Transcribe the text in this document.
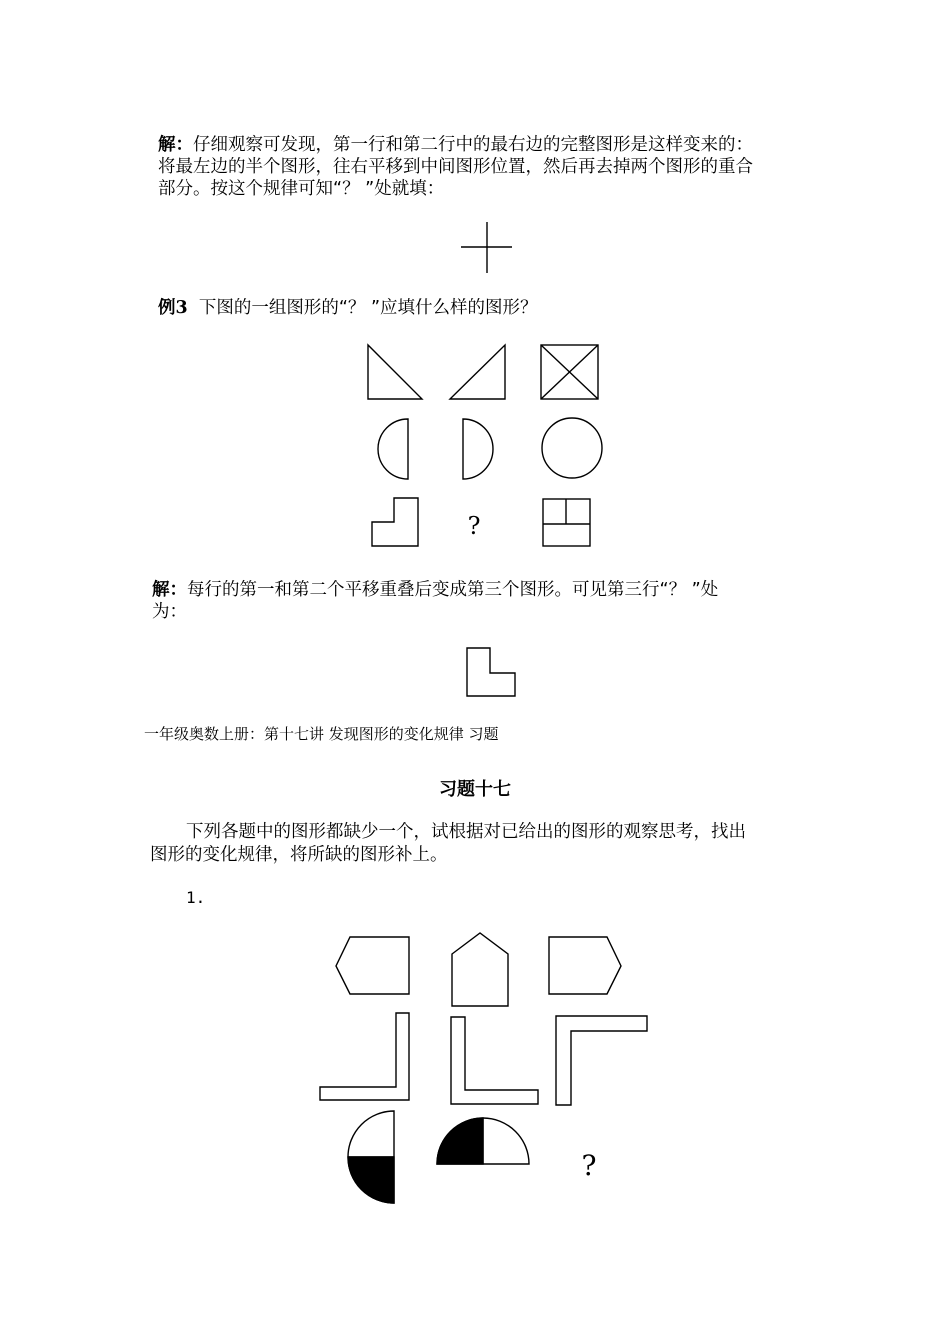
解：仔细观察可发现，第一行和第二行中的最右边的完整图形是这样变来的：
将最左边的半个图形，往右平移到中间图形位置，然后再去掉两个图形的重合
部分。按这个规律可知“？ ”处就填：
例3 下图的一组图形的“？ ”应填什么样的图形？
解：每行的第一和第二个平移重叠后变成第三个图形。可见第三行“？ ”处
为：
一年级奥数上册：第十七讲 发现图形的变化规律 习题
习题十七
下列各题中的图形都缺少一个，试根据对已给出的图形的观察思考，找出
图形的变化规律，将所缺的图形补上。
1.
?
?
